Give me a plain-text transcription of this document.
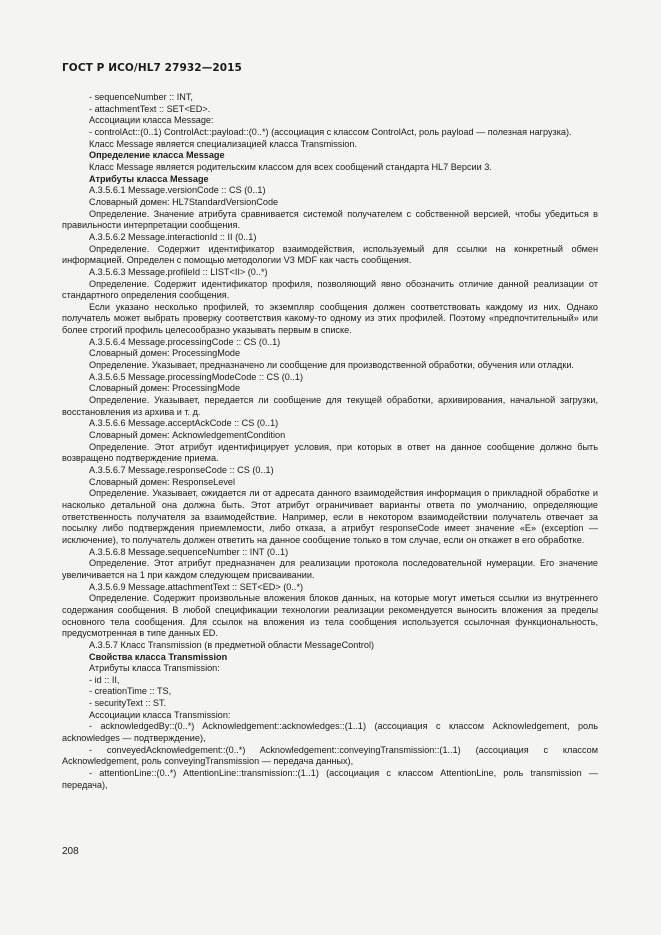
ГОСТ Р ИСО/HL7 27932—2015

- sequenceNumber :: INT,

- attachmentText :: SET<ED>.

Ассоциации класса Message:

- controlAct::(0..1) ControlAct::payload::(0..*) (ассоциация с классом ControlAct, роль payload — полезная нагрузка).

Класс Message является специализацией класса Transmission.

Определение класса Message

Класс Message является родительским классом для всех сообщений стандарта HL7 Версии 3.

Атрибуты класса Message

A.3.5.6.1 Message.versionCode :: CS (0..1)

Словарный домен: HL7StandardVersionCode

Определение. Значение атрибута сравнивается системой получателем с собственной версией, чтобы убедиться в правильности интерпретации сообщения.

A.3.5.6.2 Message.interactionId :: II (0..1)

Определение. Содержит идентификатор взаимодействия, используемый для ссылки на конкретный обмен информацией. Определен с помощью методологии V3 MDF как часть сообщения.

A.3.5.6.3 Message.profileId :: LIST<II> (0..*)

Определение. Содержит идентификатор профиля, позволяющий явно обозначить отличие данной реализации от стандартного определения сообщения.

Если указано несколько профилей, то экземпляр сообщения должен соответствовать каждому из них. Однако получатель может выбрать проверку соответствия какому-то одному из этих профилей. Поэтому «предпочтительный» или более строгий профиль целесообразно указывать первым в списке.

A.3.5.6.4 Message.processingCode :: CS (0..1)

Словарный домен: ProcessingMode

Определение. Указывает, предназначено ли сообщение для производственной обработки, обучения или отладки.

A.3.5.6.5 Message.processingModeCode :: CS (0..1)

Словарный домен: ProcessingMode

Определение. Указывает, передается ли сообщение для текущей обработки, архивирования, начальной загрузки, восстановления из архива и т. д.

A.3.5.6.6 Message.acceptAckCode :: CS (0..1)

Словарный домен: AcknowledgementCondition

Определение. Этот атрибут идентифицирует условия, при которых в ответ на данное сообщение должно быть возвращено подтверждение приема.

A.3.5.6.7 Message.responseCode :: CS (0..1)

Словарный домен: ResponseLevel

Определение. Указывает, ожидается ли от адресата данного взаимодействия информация о прикладной обработке и насколько детальной она должна быть. Этот атрибут ограничивает варианты ответа по умолчанию, определяющие ответственность получателя за взаимодействие. Например, если в некотором взаимодействии получатель отвечает за посылку либо подтверждения приемлемости, либо отказа, а атрибут responseCode имеет значение «E» (exception — исключение), то получатель должен ответить на данное сообщение только в том случае, если он откажет в его обработке.

A.3.5.6.8 Message.sequenceNumber :: INT (0..1)

Определение. Этот атрибут предназначен для реализации протокола последовательной нумерации. Его значение увеличивается на 1 при каждом следующем присваивании.

A.3.5.6.9 Message.attachmentText :: SET<ED> (0..*)

Определение. Содержит произвольные вложения блоков данных, на которые могут иметься ссылки из внутреннего содержания сообщения. В любой спецификации технологии реализации рекомендуется выносить вложения за пределы основного тела сообщения. Для ссылок на вложения из тела сообщения используется ссылочная функциональность, предусмотренная в типе данных ED.

A.3.5.7 Класс Transmission (в предметной области MessageControl)

Свойства класса Transmission

Атрибуты класса Transmission:

- id :: II,

- creationTime :: TS,

- securityText :: ST.

Ассоциации класса Transmission:

- acknowledgedBy::(0..*) Acknowledgement::acknowledges::(1..1) (ассоциация с классом Acknowledgement, роль acknowledges — подтверждение),

- conveyedAcknowledgement::(0..*) Acknowledgement::conveyingTransmission::(1..1) (ассоциация с классом Acknowledgement, роль conveyingTransmission — передача данных),

- attentionLine::(0..*) AttentionLine::transmission::(1..1) (ассоциация с классом AttentionLine, роль transmission — передача),

208
